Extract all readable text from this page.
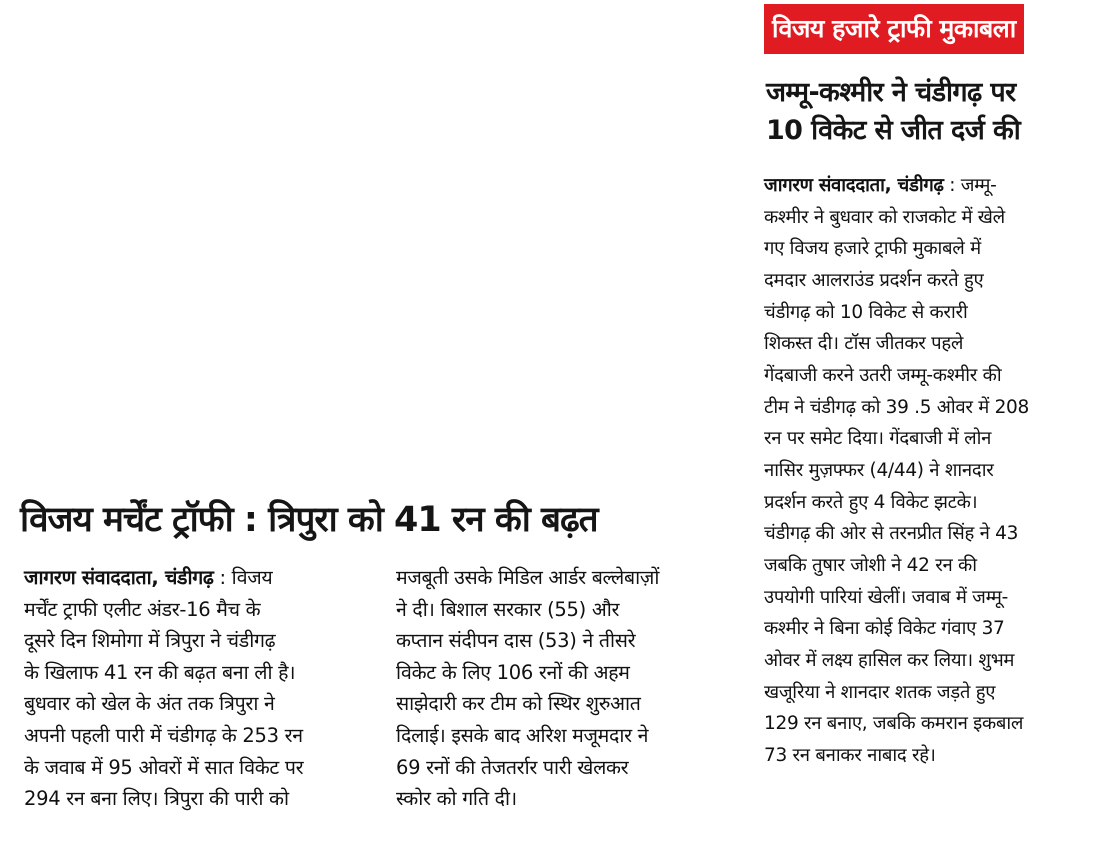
विजय हजारे ट्राफी मुकाबला
जम्मू-कश्मीर ने चंडीगढ़ पर
10 विकेट से जीत दर्ज की
जागरण संवाददाता, चंडीगढ़ : जम्मू-
कश्मीर ने बुधवार को राजकोट में खेले
गए विजय हजारे ट्राफी मुकाबले में
दमदार आलराउंड प्रदर्शन करते हुए
चंडीगढ़ को 10 विकेट से करारी
शिकस्त दी। टॉस जीतकर पहले
गेंदबाजी करने उतरी जम्मू-कश्मीर की
टीम ने चंडीगढ़ को 39 .5 ओवर में 208
रन पर समेट दिया। गेंदबाजी में लोन
नासिर मुज़फ्फर (4/44) ने शानदार
प्रदर्शन करते हुए 4 विकेट झटके।
चंडीगढ़ की ओर से तरनप्रीत सिंह ने 43
जबकि तुषार जोशी ने 42 रन की
उपयोगी पारियां खेलीं। जवाब में जम्मू-
कश्मीर ने बिना कोई विकेट गंवाए 37
ओवर में लक्ष्य हासिल कर लिया। शुभम
खजूरिया ने शानदार शतक जड़ते हुए
129 रन बनाए, जबकि कमरान इकबाल
73 रन बनाकर नाबाद रहे।
विजय मर्चेंट ट्रॉफी : त्रिपुरा को 41 रन की बढ़त
जागरण संवाददाता, चंडीगढ़ : विजय
मर्चेंट ट्राफी एलीट अंडर-16 मैच के
दूसरे दिन शिमोगा में त्रिपुरा ने चंडीगढ़
के खिलाफ 41 रन की बढ़त बना ली है।
बुधवार को खेल के अंत तक त्रिपुरा ने
अपनी पहली पारी में चंडीगढ़ के 253 रन
के जवाब में 95 ओवरों में सात विकेट पर
294 रन बना लिए। त्रिपुरा की पारी को
मजबूती उसके मिडिल आर्डर बल्लेबाज़ों
ने दी। बिशाल सरकार (55) और
कप्तान संदीपन दास (53) ने तीसरे
विकेट के लिए 106 रनों की अहम
साझेदारी कर टीम को स्थिर शुरुआत
दिलाई। इसके बाद अरिश मजूमदार ने
69 रनों की तेजतर्रार पारी खेलकर
स्कोर को गति दी।
